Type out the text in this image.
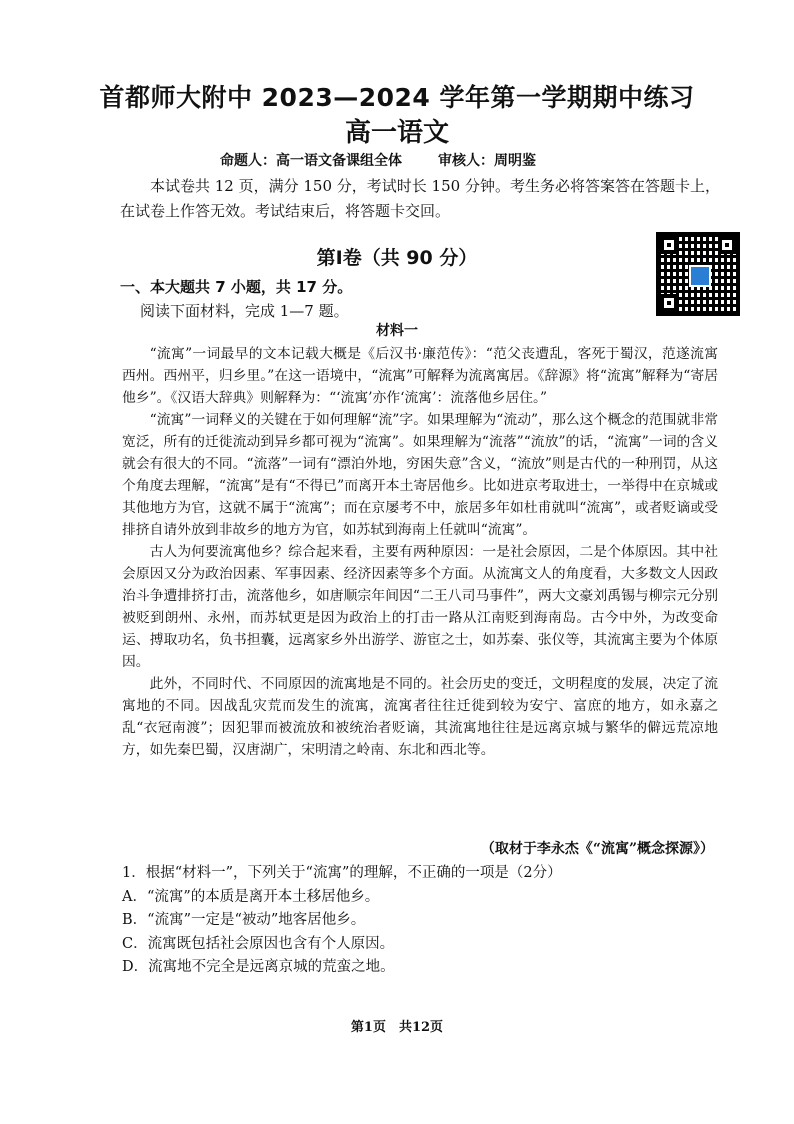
首都师大附中 2023—2024 学年第一学期期中练习
高一语文
命题人：高一语文备课组全体	审核人：周明鉴
本试卷共 12 页，满分 150 分，考试时长 150 分钟。考生务必将答案答在答题卡上，在试卷上作答无效。考试结束后，将答题卡交回。
第Ⅰ卷（共 90 分）
一、本大题共 7 小题，共 17 分。
阅读下面材料，完成 1—7 题。
材料一

“流寓”一词最早的文本记载大概是《后汉书·廉范传》：“范父丧遭乱，客死于蜀汉，范遂流寓西州。西州平，归乡里。”在这一语境中，“流寓”可解释为流离寓居。《辞源》将“流寓”解释为“寄居他乡”。《汉语大辞典》则解释为：“‘流寓’亦作‘流寓’：流落他乡居住。”

“流寓”一词释义的关键在于如何理解“流”字。如果理解为“流动”，那么这个概念的范围就非常宽泛，所有的迁徙流动到异乡都可视为“流寓”。如果理解为“流落”“流放”的话，“流寓”一词的含义就会有很大的不同。“流落”一词有“漂泊外地，穷困失意”含义，“流放”则是古代的一种刑罚，从这个角度去理解，“流寓”是有“不得已”而离开本土寄居他乡。比如进京考取进士，一举得中在京城或其他地方为官，这就不属于“流寓”；而在京屡考不中，旅居多年如杜甫就叫“流寓”，或者贬谪或受排挤自请外放到非故乡的地方为官，如苏轼到海南上任就叫“流寓”。

古人为何要流寓他乡？综合起来看，主要有两种原因：一是社会原因，二是个体原因。其中社会原因又分为政治因素、军事因素、经济因素等多个方面。从流寓文人的角度看，大多数文人因政治斗争遭排挤打击，流落他乡，如唐顺宗年间因“二王八司马事件”，两大文豪刘禹锡与柳宗元分别被贬到朗州、永州，而苏轼更是因为政治上的打击一路从江南贬到海南岛。古今中外，为改变命运、搏取功名，负书担囊，远离家乡外出游学、游宦之士，如苏秦、张仪等，其流寓主要为个体原因。

此外，不同时代、不同原因的流寓地是不同的。社会历史的变迁，文明程度的发展，决定了流寓地的不同。因战乱灾荒而发生的流寓，流寓者往往迁徙到较为安宁、富庶的地方，如永嘉之乱“衣冠南渡”；因犯罪而被流放和被统治者贬谪，其流寓地往往是远离京城与繁华的僻远荒凉地方，如先秦巴蜀，汉唐湖广，宋明清之岭南、东北和西北等。

（取材于李永杰《“流寓”概念探源》）
1．根据“材料一”，下列关于“流寓”的理解，不正确的一项是（2分）
A．“流寓”的本质是离开本土移居他乡。
B．“流寓”一定是“被动”地客居他乡。
C．流寓既包括社会原因也含有个人原因。
D．流寓地不完全是远离京城的荒蛮之地。
第1页　共12页
